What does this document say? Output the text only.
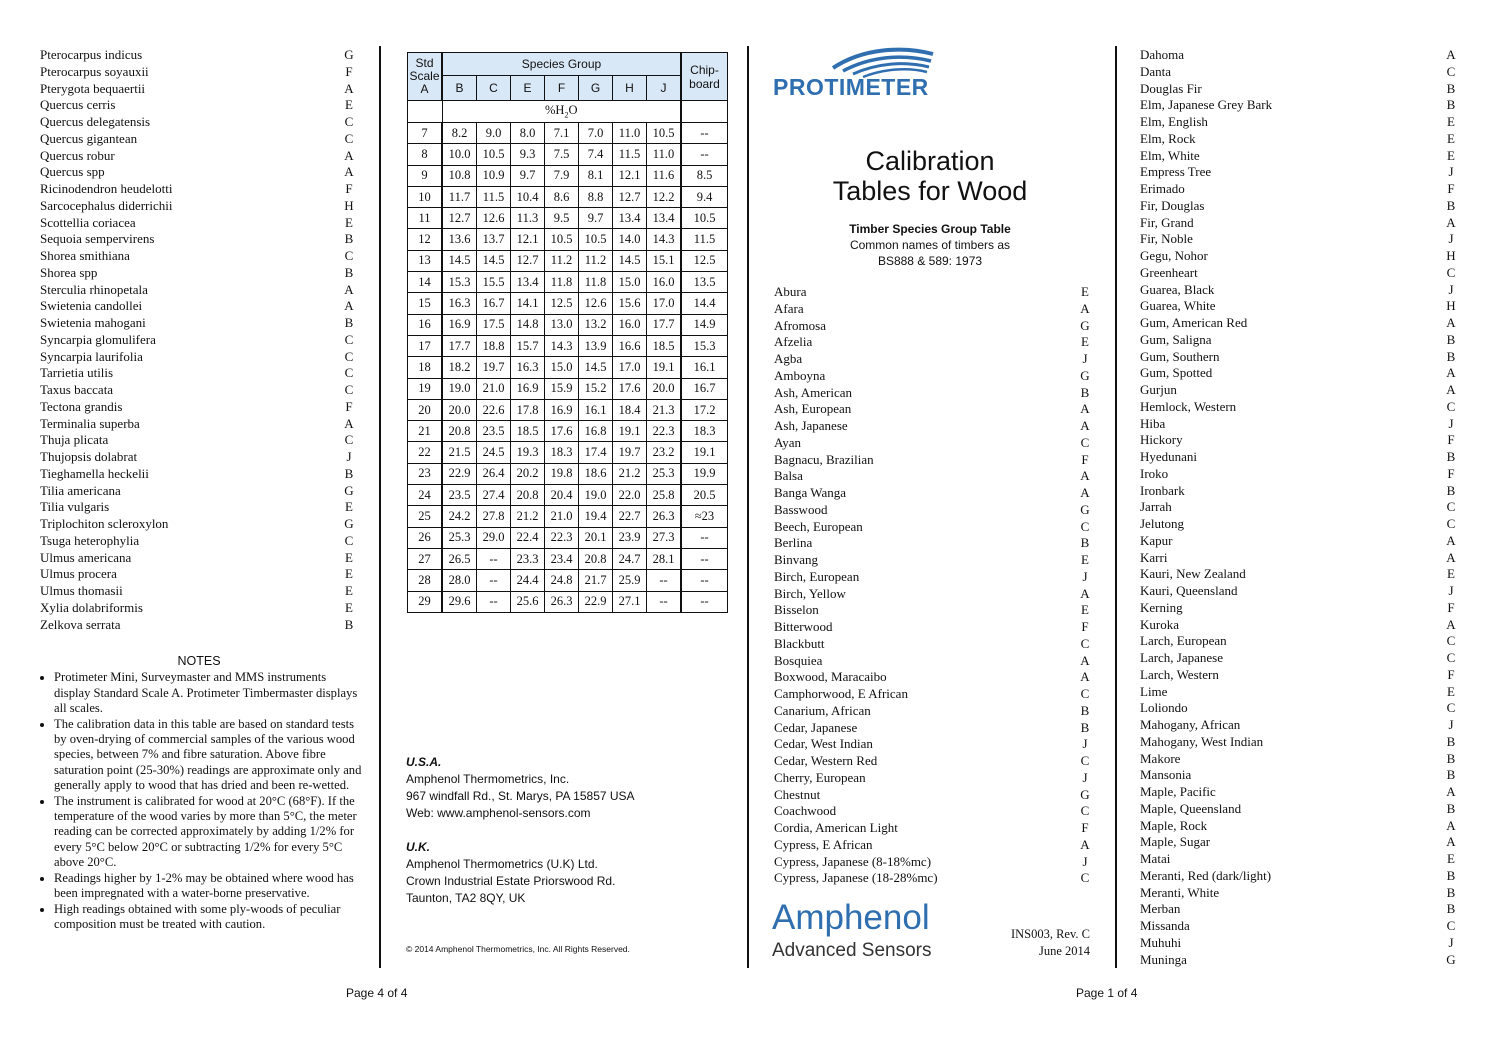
Pterocarpus indicus	G
Pterocarpus soyauxii	F
Pterygota bequaertii	A
Quercus cerris	E
Quercus delegatensis	C
Quercus gigantean	C
Quercus robur	A
Quercus spp	A
Ricinodendron heudelotti	F
Sarcocephalus diderrichii	H
Scottellia coriacea	E
Sequoia sempervirens	B
Shorea smithiana	C
Shorea spp	B
Sterculia rhinopetala	A
Swietenia candollei	A
Swietenia mahogani	B
Syncarpia glomulifera	C
Syncarpia laurifolia	C
Tarrietia utilis	C
Taxus baccata	C
Tectona grandis	F
Terminalia superba	A
Thuja plicata	C
Thujopsis dolabrat	J
Tieghamella heckelii	B
Tilia americana	G
Tilia vulgaris	E
Triplochiton scleroxylon	G
Tsuga heterophylia	C
Ulmus americana	E
Ulmus procera	E
Ulmus thomasii	E
Xylia dolabriformis	E
Zelkova serrata	B
NOTES
• Protimeter Mini, Surveymaster and MMS instruments display Standard Scale A. Protimeter Timbermaster displays all scales.
• The calibration data in this table are based on standard tests by oven-drying of commercial samples of the various wood species, between 7% and fibre saturation. Above fibre saturation point (25-30%) readings are approximate only and generally apply to wood that has dried and been re-wetted.
• The instrument is calibrated for wood at 20°C (68°F). If the temperature of the wood varies by more than 5°C, the meter reading can be corrected approximately by adding 1/2% for every 5°C below 20°C or subtracting 1/2% for every 5°C above 20°C.
• Readings higher by 1-2% may be obtained where wood has been impregnated with a water-borne preservative.
• High readings obtained with some ply-woods of peculiar composition must be treated with caution.
Std Scale A	Species Group							Chip-board
	B	C	E	F	G	H	J	
	$\%H_2O$							
7	8.2	9.0	8.0	7.1	7.0	11.0	10.5	--
8	10.0	10.5	9.3	7.5	7.4	11.5	11.0	--
9	10.8	10.9	9.7	7.9	8.1	12.1	11.6	8.5
10	11.7	11.5	10.4	8.6	8.8	12.7	12.2	9.4
11	12.7	12.6	11.3	9.5	9.7	13.4	13.4	10.5
12	13.6	13.7	12.1	10.5	10.5	14.0	14.3	11.5
13	14.5	14.5	12.7	11.2	11.2	14.5	15.1	12.5
14	15.3	15.5	13.4	11.8	11.8	15.0	16.0	13.5
15	16.3	16.7	14.1	12.5	12.6	15.6	17.0	14.4
16	16.9	17.5	14.8	13.0	13.2	16.0	17.7	14.9
17	17.7	18.8	15.7	14.3	13.9	16.6	18.5	15.3
18	18.2	19.7	16.3	15.0	14.5	17.0	19.1	16.1
19	19.0	21.0	16.9	15.9	15.2	17.6	20.0	16.7
20	20.0	22.6	17.8	16.9	16.1	18.4	21.3	17.2
21	20.8	23.5	18.5	17.6	16.8	19.1	22.3	18.3
22	21.5	24.5	19.3	18.3	17.4	19.7	23.2	19.1
23	22.9	26.4	20.2	19.8	18.6	21.2	25.3	19.9
24	23.5	27.4	20.8	20.4	19.0	22.0	25.8	20.5
25	24.2	27.8	21.2	21.0	19.4	22.7	26.3	≈23
26	25.3	29.0	22.4	22.3	20.1	23.9	27.3	--
27	26.5	--	23.3	23.4	20.8	24.7	28.1	--
28	28.0	--	24.4	24.8	21.7	25.9	--	--
29	29.6	--	25.6	26.3	22.9	27.1	--	--
U.S.A.
Amphenol Thermometrics, Inc.
967 windfall Rd., St. Marys, PA 15857 USA
Web: www.amphenol-sensors.com
U.K.
Amphenol Thermometrics (U.K) Ltd.
Crown Industrial Estate Priorswood Rd.
Taunton, TA2 8QY, UK
© 2014 Amphenol Thermometrics, Inc. All Rights Reserved.
PROTIMETER
Calibration
Tables for Wood
Timber Species Group Table
Common names of timbers as
BS888 & 589: 1973
Abura	E
Afara	A
Afromosa	G
Afzelia	E
Agba	J
Amboyna	G
Ash, American	B
Ash, European	A
Ash, Japanese	A
Ayan	C
Bagnacu, Brazilian	F
Balsa	A
Banga Wanga	A
Basswood	G
Beech, European	C
Berlina	B
Binvang	E
Birch, European	J
Birch, Yellow	A
Bisselon	E
Bitterwood	F
Blackbutt	C
Bosquiea	A
Boxwood, Maracaibo	A
Camphorwood, E African	C
Canarium, African	B
Cedar, Japanese	B
Cedar, West Indian	J
Cedar, Western Red	C
Cherry, European	J
Chestnut	G
Coachwood	C
Cordia, American Light	F
Cypress, E African	A
Cypress, Japanese (8-18%mc)	J
Cypress, Japanese (18-28%mc)	C
Amphenol
Advanced Sensors
INS003, Rev. C
June 2014
Dahoma	A
Danta	C
Douglas Fir	B
Elm, Japanese Grey Bark	B
Elm, English	E
Elm, Rock	E
Elm, White	E
Empress Tree	J
Erimado	F
Fir, Douglas	B
Fir, Grand	A
Fir, Noble	J
Gegu, Nohor	H
Greenheart	C
Guarea, Black	J
Guarea, White	H
Gum, American Red	A
Gum, Saligna	B
Gum, Southern	B
Gum, Spotted	A
Gurjun	A
Hemlock, Western	C
Hiba	J
Hickory	F
Hyedunani	B
Iroko	F
Ironbark	B
Jarrah	C
Jelutong	C
Kapur	A
Karri	A
Kauri, New Zealand	E
Kauri, Queensland	J
Kerning	F
Kuroka	A
Larch, European	C
Larch, Japanese	C
Larch, Western	F
Lime	E
Loliondo	C
Mahogany, African	J
Mahogany, West Indian	B
Makore	B
Mansonia	B
Maple, Pacific	A
Maple, Queensland	B
Maple, Rock	A
Maple, Sugar	A
Matai	E
Meranti, Red (dark/light)	B
Meranti, White	B
Merban	B
Missanda	C
Muhuhi	J
Muninga	G
Page 4 of 4	Page 1 of 4
